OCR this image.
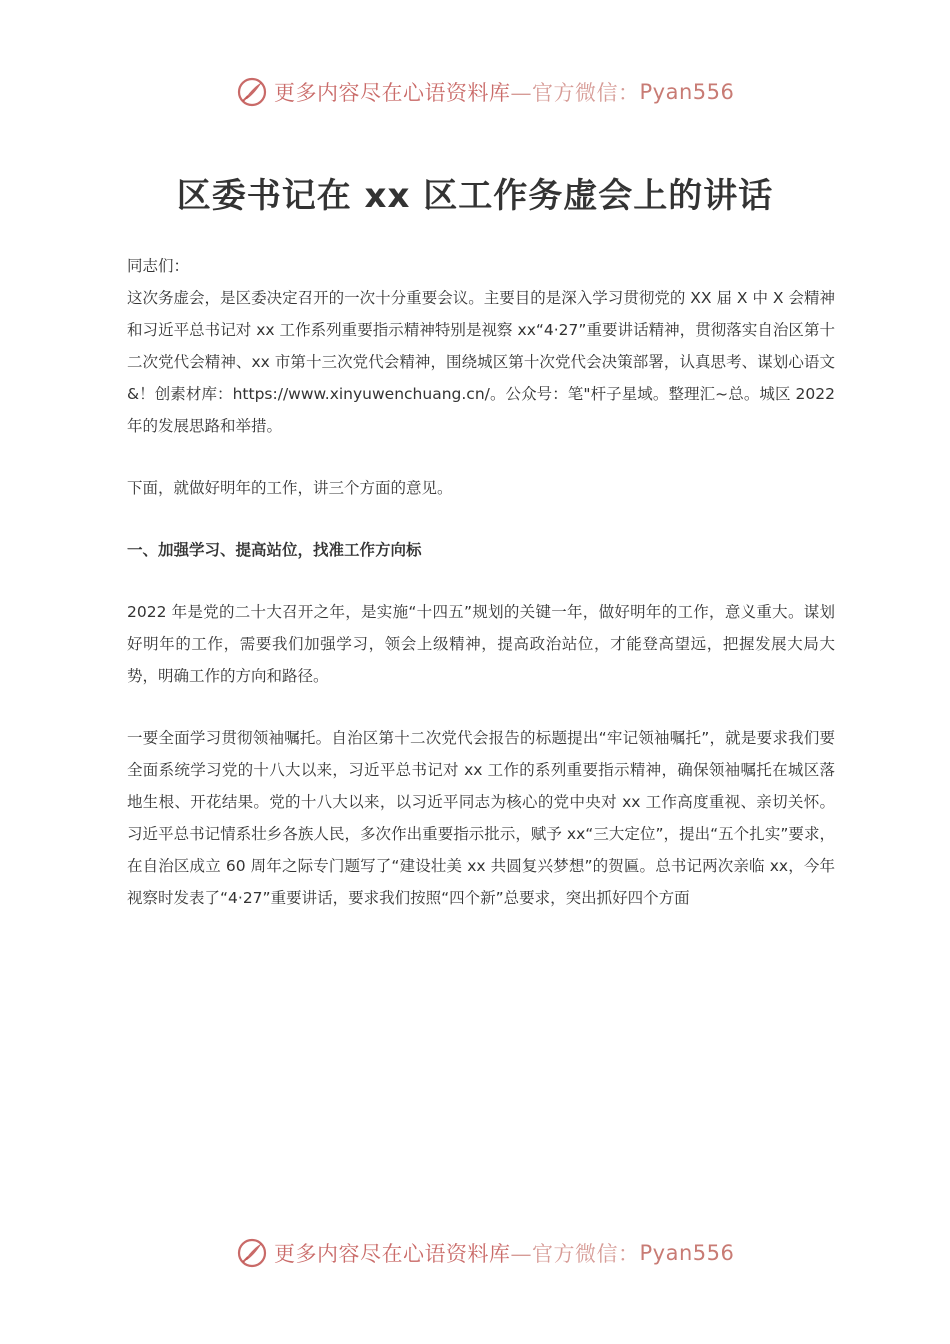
更多内容尽在心语资料库 —官方微信： Pyan556
区委书记在 xx 区工作务虚会上的讲话

同志们：

这次务虚会，是区委决定召开的一次十分重要会议。主要目的是深入学习贯彻党的 XX 届 X 中 X 会精神和习近平总书记对 xx 工作系列重要指示精神特别是视察 xx“4·27”重要讲话精神，贯彻落实自治区第十二次党代会精神、xx 市第十三次党代会精神，围绕城区第十次党代会决策部署，认真思考、谋划心语文&！创素材库：https://www.xinyuwenchuang.cn/。公众号：笔"杆子星域。整理汇~总。城区 2022 年的发展思路和举措。

下面，就做好明年的工作，讲三个方面的意见。

一、加强学习、提高站位，找准工作方向标

2022 年是党的二十大召开之年，是实施“十四五”规划的关键一年，做好明年的工作，意义重大。谋划好明年的工作，需要我们加强学习，领会上级精神，提高政治站位，才能登高望远，把握发展大局大势，明确工作的方向和路径。

一要全面学习贯彻领袖嘱托。自治区第十二次党代会报告的标题提出“牢记领袖嘱托”，就是要求我们要全面系统学习党的十八大以来，习近平总书记对 xx 工作的系列重要指示精神，确保领袖嘱托在城区落地生根、开花结果。党的十八大以来，以习近平同志为核心的党中央对 xx 工作高度重视、亲切关怀。习近平总书记情系壮乡各族人民，多次作出重要指示批示，赋予 xx“三大定位”，提出“五个扎实”要求，在自治区成立 60 周年之际专门题写了“建设壮美 xx 共圆复兴梦想”的贺匾。总书记两次亲临 xx，今年视察时发表了“4·27”重要讲话，要求我们按照“四个新”总要求，突出抓好四个方面

更多内容尽在心语资料库 —官方微信： Pyan556
